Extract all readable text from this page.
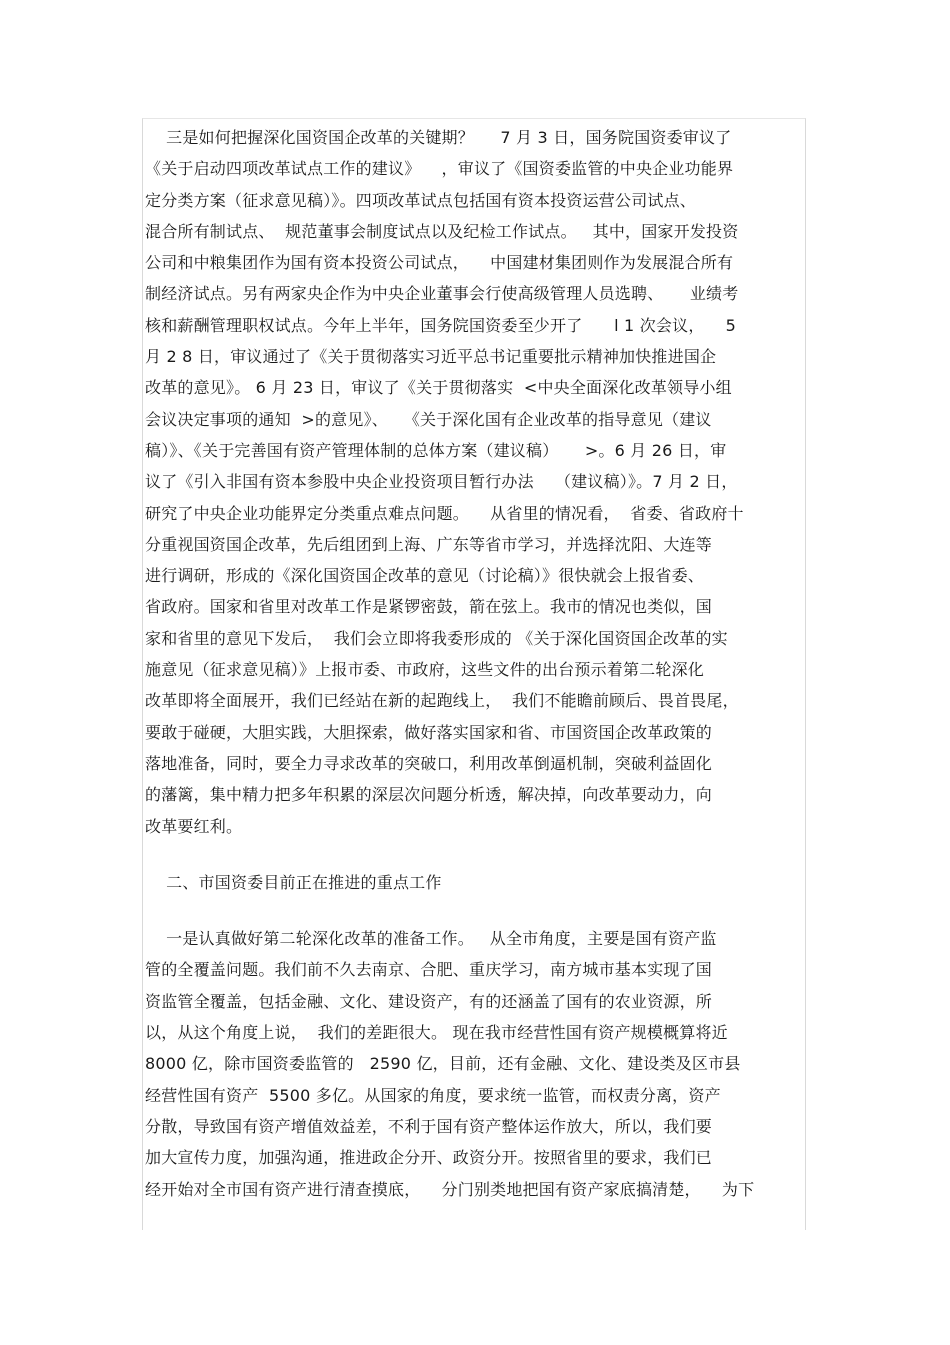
三是如何把握深化国资国企改革的关键期？     7 月 3 日，国务院国资委审议了
《关于启动四项改革试点工作的建议》    ，审议了《国资委监管的中央企业功能界
定分类方案（征求意见稿）》。四项改革试点包括国有资本投资运营公司试点、
混合所有制试点、  规范董事会制度试点以及纪检工作试点。   其中，国家开发投资
公司和中粮集团作为国有资本投资公司试点，    中国建材集团则作为发展混合所有
制经济试点。另有两家央企作为中央企业董事会行使高级管理人员选聘、     业绩考
核和薪酬管理职权试点。今年上半年，国务院国资委至少开了      l 1 次会议，    5
月 2 8 日，审议通过了《关于贯彻落实习近平总书记重要批示精神加快推进国企
改革的意见》。 6 月 23 日，审议了《关于贯彻落实  <中央全面深化改革领导小组
会议决定事项的通知  >的意见》、   《关于深化国有企业改革的指导意见（建议
稿）》、《关于完善国有资产管理体制的总体方案（建议稿）     >。6 月 26 日，审
议了《引入非国有资本参股中央企业投资项目暂行办法    （建议稿）》。7 月 2 日，
研究了中央企业功能界定分类重点难点问题。    从省里的情况看，  省委、省政府十
分重视国资国企改革，先后组团到上海、广东等省市学习，并选择沈阳、大连等
进行调研，形成的《深化国资国企改革的意见（讨论稿）》很快就会上报省委、
省政府。国家和省里对改革工作是紧锣密鼓，箭在弦上。我市的情况也类似，国
家和省里的意见下发后，  我们会立即将我委形成的 《关于深化国资国企改革的实
施意见（征求意见稿）》上报市委、市政府，这些文件的出台预示着第二轮深化
改革即将全面展开，我们已经站在新的起跑线上，  我们不能瞻前顾后、畏首畏尾，
要敢于碰硬，大胆实践，大胆探索，做好落实国家和省、市国资国企改革政策的
落地准备，同时，要全力寻求改革的突破口，利用改革倒逼机制，突破利益固化
的藩篱，集中精力把多年积累的深层次问题分析透，解决掉，向改革要动力，向
改革要红利。
二、市国资委目前正在推进的重点工作
一是认真做好第二轮深化改革的准备工作。   从全市角度，主要是国有资产监
管的全覆盖问题。我们前不久去南京、合肥、重庆学习，南方城市基本实现了国
资监管全覆盖，包括金融、文化、建设资产，有的还涵盖了国有的农业资源，所
以，从这个角度上说，  我们的差距很大。 现在我市经营性国有资产规模概算将近
8000 亿，除市国资委监管的   2590 亿，目前，还有金融、文化、建设类及区市县
经营性国有资产  5500 多亿。从国家的角度，要求统一监管，而权责分离，资产
分散，导致国有资产增值效益差，不利于国有资产整体运作放大，所以，我们要
加大宣传力度，加强沟通，推进政企分开、政资分开。按照省里的要求，我们已
经开始对全市国有资产进行清查摸底，    分门别类地把国有资产家底搞清楚，    为下
